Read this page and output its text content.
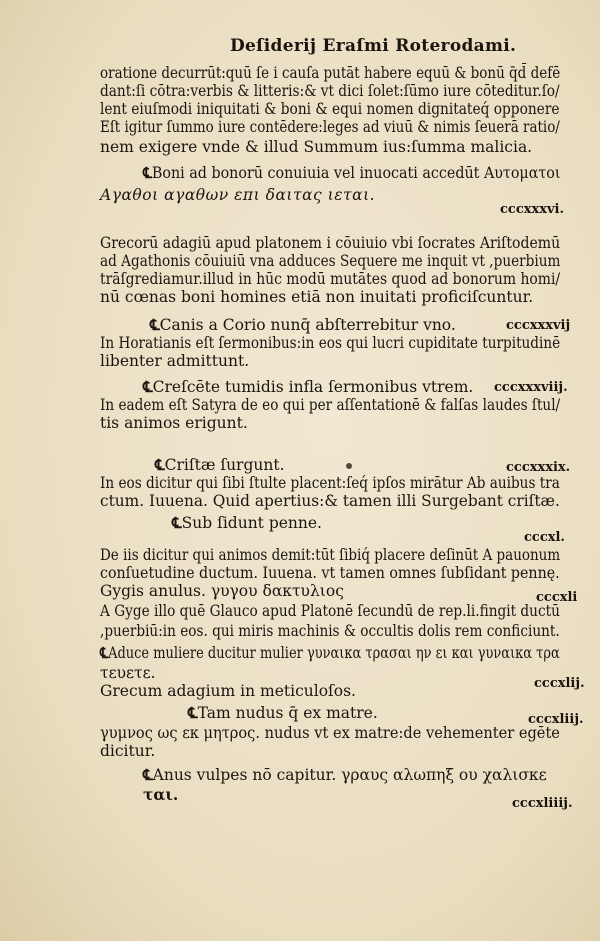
Deſiderij Eraſmi Roterodami.
oratione decurrūt:quū ſe i cauſa putāt habere equū & bonū q̄d̄ defē
dant:ſi cōtra:verbis & litteris:& vt dici ſolet:ſūmo iure cōteditur.ſo/
lent eiuſmodi iniquitati & boni & equi nomen dignitateq́ opponere
Eſt igitur ſummo iure contēdere:leges ad viuū & nimis ſeuerā ratio/
nem exigere vnde & illud Summum ius:ſumma malicia.
℄Boni ad bonorū conuiuia vel inuocati accedūt Αυτοματοι
Αγαθοι αγαθων επι δαιτας ιεται.
cccxxxvi.
Grecorū adagiū apud platonem i cōuiuio vbi ſocrates Ariſtodemū
ad Agathonis cōuiuiū vna adduces Sequere me inquit vt ,puerbium
trāſgrediamur.illud in hūc modū mutātes quod ad bonorum homi/
nū cœnas boni homines etiā non inuitati proficiſcuntur.
℄Canis a Corio nunq̄ abſterrebitur vno.	cccxxxvij
In Horatianis eſt ſermonibus:in eos qui lucri cupiditate turpitudinē
libenter admittunt.
℄Creſcēte tumidis infla ſermonibus vtrem. cccxxxviij.
In eadem eſt Satyra de eo qui per aſſentationē & falſas laudes ſtul/
tis animos erigunt.
℄Criſtæ ſurgunt.	cccxxxix.
In eos dicitur qui ſibi ſtulte placent:ſeq́ ipſos mirātur Ab auibus tra
ctum. Iuuena. Quid apertius:& tamen illi Surgebant criſtæ.
℄Sub ſidunt penne.
cccxl.
De iis dicitur qui animos demit:tūt ſibiq́ placere deſinūt A pauonum
conſuetudine ductum. Iuuena. vt tamen omnes ſubſidant pennę.
Gygis anulus. γυγου δακτυλιος	cccxli
A Gyge illo quē Glauco apud Platonē ſecundū de rep.li.fingit ductū
,puerbiū:in eos. qui miris machinis & occultis dolis rem conficiunt.
℄Aduce muliere ducitur mulier γυναικα τρασαι ην ει και γυναικα τρα
τευετε.
cccxlij.
Grecum adagium in meticuloſos.
℄Tam nudus q̄ ex matre.	cccxliij.
γυμνος ως εκ μητρος. nudus vt ex matre:de vehementer egēte
dicitur.
℄Anus vulpes nō capitur. γραυς αλωπηξ ου χαλισκε
ται.	cccxliiij.
